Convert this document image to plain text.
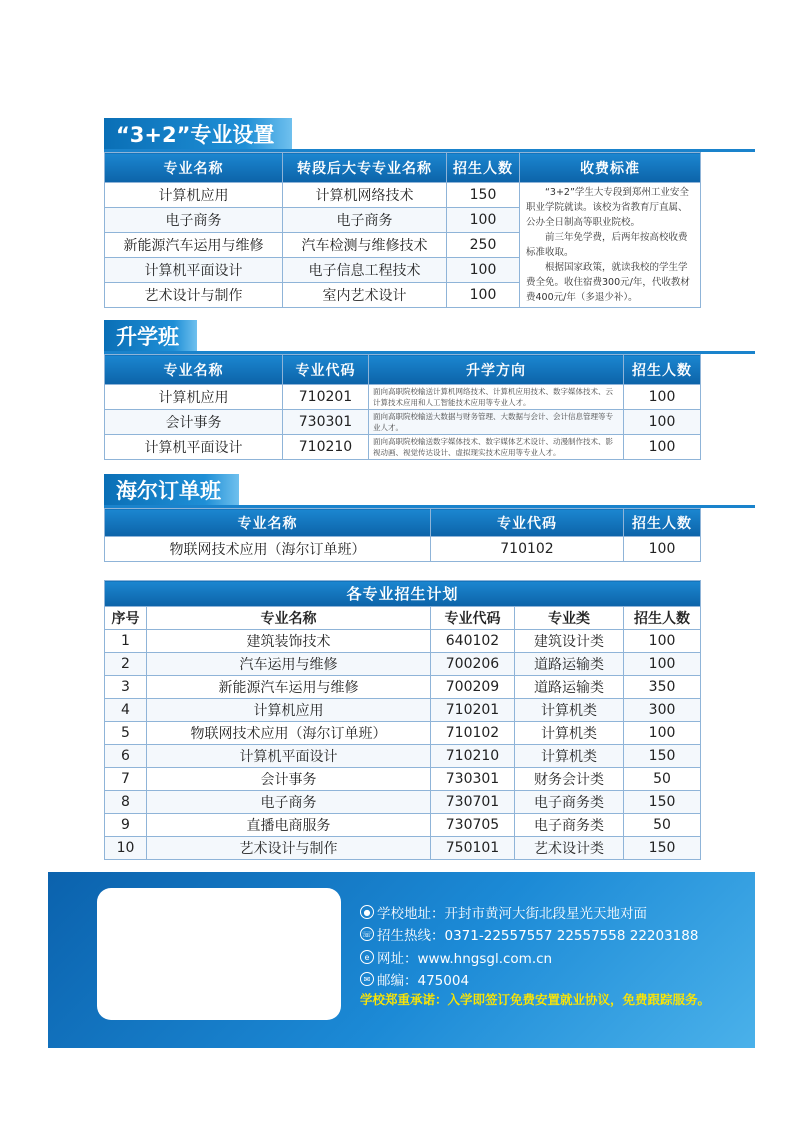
“3+2”专业设置
专业名称	转段后大专专业名称	招生人数	收费标准
计算机应用	计算机网络技术	150	“3+2”学生大专段到郑州工业安全职业学院就读。该校为省教育厅直属、公办全日制高等职业院校。

前三年免学费，后两年按高校收费标准收取。

根据国家政策，就读我校的学生学费全免。收住宿费300元/年，代收教材费400元/年（多退少补）。

电子商务	电子商务	100	
新能源汽车运用与维修	汽车检测与维修技术	250	
计算机平面设计	电子信息工程技术	100	
艺术设计与制作	室内艺术设计	100	
升学班
专业名称	专业代码	升学方向	招生人数
计算机应用	710201	面向高职院校输送计算机网络技术、计算机应用技术、数字媒体技术、云计算技术应用和人工智能技术应用等专业人才。	100
会计事务	730301	面向高职院校输送大数据与财务管理、大数据与会计、会计信息管理等专业人才。	100
计算机平面设计	710210	面向高职院校输送数字媒体技术、数字媒体艺术设计、动漫制作技术、影视动画、视觉传达设计、虚拟现实技术应用等专业人才。	100
海尔订单班
专业名称	专业代码	招生人数
物联网技术应用（海尔订单班）	710102	100
各专业招生计划				
序号	专业名称	专业代码	专业类	招生人数
1	建筑装饰技术	640102	建筑设计类	100
2	汽车运用与维修	700206	道路运输类	100
3	新能源汽车运用与维修	700209	道路运输类	350
4	计算机应用	710201	计算机类	300
5	物联网技术应用（海尔订单班）	710102	计算机类	100
6	计算机平面设计	710210	计算机类	150
7	会计事务	730301	财务会计类	50
8	电子商务	730701	电子商务类	150
9	直播电商服务	730705	电子商务类	50
10	艺术设计与制作	750101	艺术设计类	150
● 学校地址：开封市黄河大街北段星光天地对面
☏ 招生热线：0371-22557557 22557558 22203188
e 网址：www.hngsgl.com.cn
✉ 邮编：475004
学校郑重承诺：入学即签订免费安置就业协议，免费跟踪服务。
